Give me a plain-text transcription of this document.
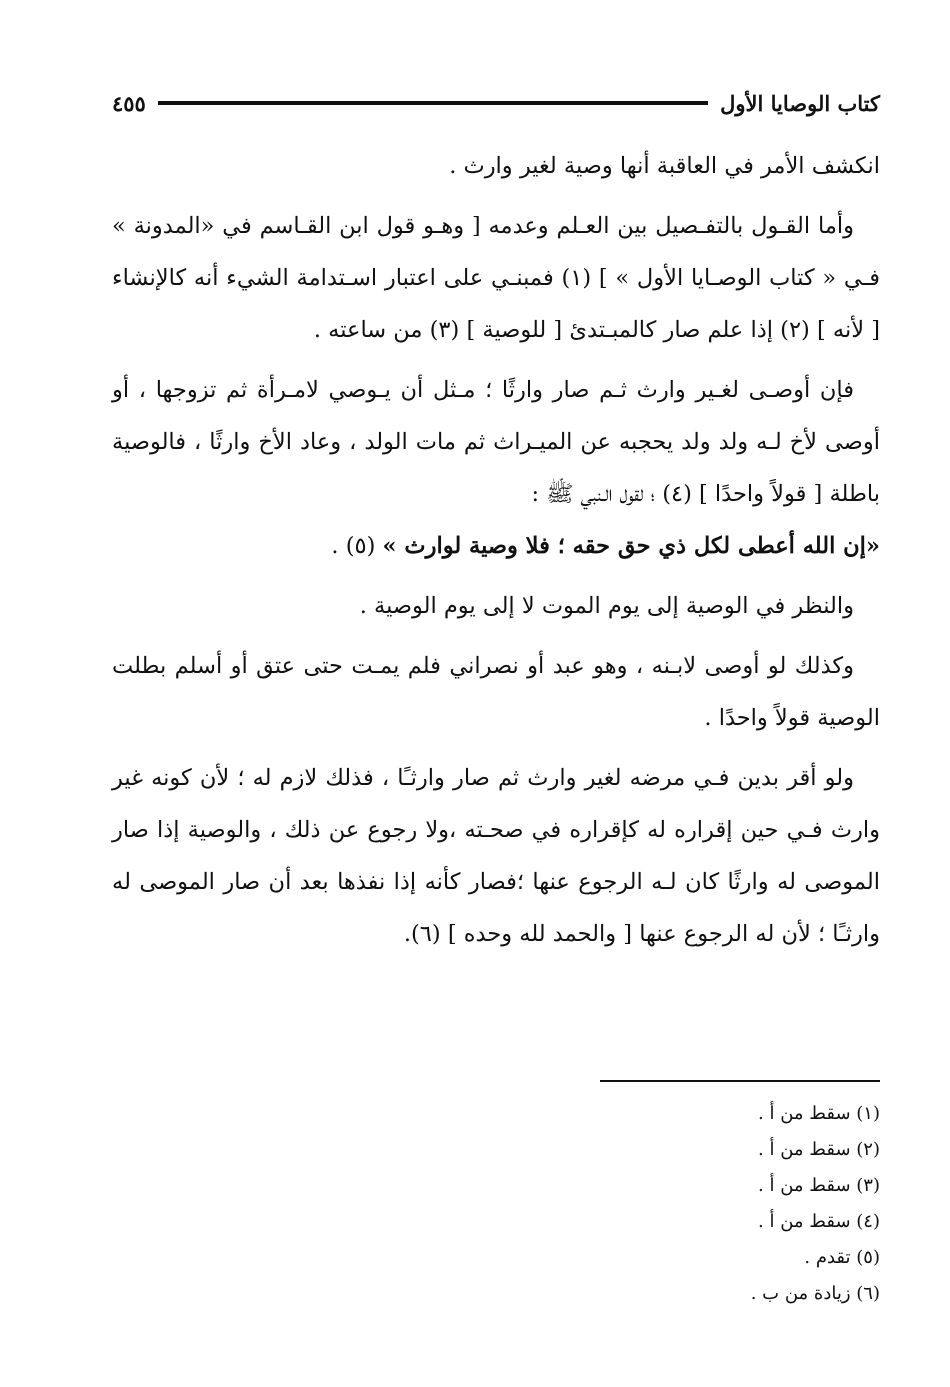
كتاب الوصايا الأول
٤٥٥

انكشف الأمر في العاقبة أنها وصية لغير وارث .

وأما القـول بالتفـصيل بين العـلم وعدمه [ وهـو قول ابن القـاسم في «المدونة » فـي « كتاب الوصـايا الأول » ] (١) فمبنـي على اعتبار اسـتدامة الشيء أنه كالإنشاء [ لأنه ] (٢) إذا علم صار كالمبـتدئ [ للوصية ] (٣) من ساعته .

فإن أوصـى لغـير وارث ثـم صار وارثًا ؛ مـثل أن يـوصي لامـرأة ثم تزوجها ، أو أوصى لأخ لـه ولد ولد يحجبه عن الميـراث ثم مات الولد ، وعاد الأخ وارثًا ، فالوصية باطلة [ قولاً واحدًا ] (٤) ؛ لقول الـنبي ﷺ :
«إن الله أعطى لكل ذي حق حقه ؛ فلا وصية لوارث » (٥) .

والنظر في الوصية إلى يوم الموت لا إلى يوم الوصية .

وكذلك لو أوصى لابـنه ، وهو عبد أو نصراني فلم يمـت حتى عتق أو أسلم بطلت الوصية قولاً واحدًا .

ولو أقر بدين فـي مرضه لغير وارث ثم صار وارثـًا ، فذلك لازم له ؛ لأن كونه غير وارث فـي حين إقراره له كإقراره في صحـته ،ولا رجوع عن ذلك ، والوصية إذا صار الموصى له وارثًا كان لـه الرجوع عنها ؛فصار كأنه إذا نفذها بعد أن صار الموصى له وارثـًا ؛ لأن له الرجوع عنها [ والحمد لله وحده ] (٦).

(١) سقط من أ .
(٢) سقط من أ .
(٣) سقط من أ .
(٤) سقط من أ .
(٥) تقدم .
(٦) زيادة من ب .
